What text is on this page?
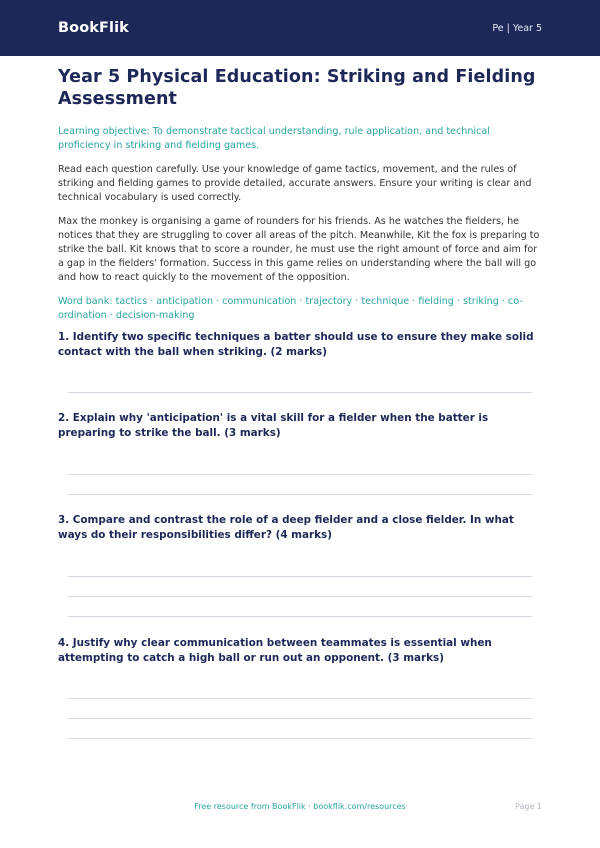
BookFlik	Pe | Year 5
Year 5 Physical Education: Striking and Fielding Assessment

Learning objective: To demonstrate tactical understanding, rule application, and technical proficiency in striking and fielding games.

Read each question carefully. Use your knowledge of game tactics, movement, and the rules of striking and fielding games to provide detailed, accurate answers. Ensure your writing is clear and technical vocabulary is used correctly.

Max the monkey is organising a game of rounders for his friends. As he watches the fielders, he notices that they are struggling to cover all areas of the pitch. Meanwhile, Kit the fox is preparing to strike the ball. Kit knows that to score a rounder, he must use the right amount of force and aim for a gap in the fielders' formation. Success in this game relies on understanding where the ball will go and how to react quickly to the movement of the opposition.

Word bank: tactics · anticipation · communication · trajectory · technique · fielding · striking · co-ordination · decision-making

1. Identify two specific techniques a batter should use to ensure they make solid contact with the ball when striking. (2 marks)
2. Explain why 'anticipation' is a vital skill for a fielder when the batter is preparing to strike the ball. (3 marks)
3. Compare and contrast the role of a deep fielder and a close fielder. In what ways do their responsibilities differ? (4 marks)
4. Justify why clear communication between teammates is essential when attempting to catch a high ball or run out an opponent. (3 marks)
Free resource from BookFlik · bookflik.com/resources	Page 1
